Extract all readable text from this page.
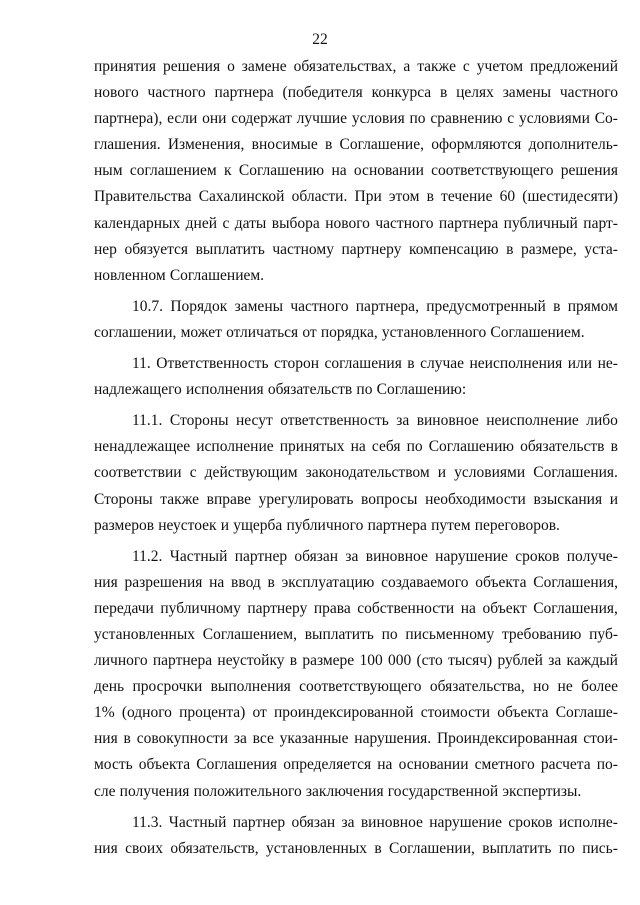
22
принятия решения о замене обязательствах, а также с учетом предложений
нового частного партнера (победителя конкурса в целях замены частного
партнера), если они содержат лучшие условия по сравнению с условиями Со-
глашения. Изменения, вносимые в Соглашение, оформляются дополнитель-
ным соглашением к Соглашению на основании соответствующего решения
Правительства Сахалинской области. При этом в течение 60 (шестидесяти)
календарных дней с даты выбора нового частного партнера публичный парт-
нер обязуется выплатить частному партнеру компенсацию в размере, уста-
новленном Соглашением.
10.7. Порядок замены частного партнера, предусмотренный в прямом
соглашении, может отличаться от порядка, установленного Соглашением.
11. Ответственность сторон соглашения в случае неисполнения или не-
надлежащего исполнения обязательств по Соглашению:
11.1. Стороны несут ответственность за виновное неисполнение либо
ненадлежащее исполнение принятых на себя по Соглашению обязательств в
соответствии с действующим законодательством и условиями Соглашения.
Стороны также вправе урегулировать вопросы необходимости взыскания и
размеров неустоек и ущерба публичного партнера путем переговоров.
11.2. Частный партнер обязан за виновное нарушение сроков получе-
ния разрешения на ввод в эксплуатацию создаваемого объекта Соглашения,
передачи публичному партнеру права собственности на объект Соглашения,
установленных Соглашением, выплатить по письменному требованию пуб-
личного партнера неустойку в размере 100 000 (сто тысяч) рублей за каждый
день просрочки выполнения соответствующего обязательства, но не более
1% (одного процента) от проиндексированной стоимости объекта Соглаше-
ния в совокупности за все указанные нарушения. Проиндексированная стои-
мость объекта Соглашения определяется на основании сметного расчета по-
сле получения положительного заключения государственной экспертизы.
11.3. Частный партнер обязан за виновное нарушение сроков исполне-
ния своих обязательств, установленных в Соглашении, выплатить по пись-
